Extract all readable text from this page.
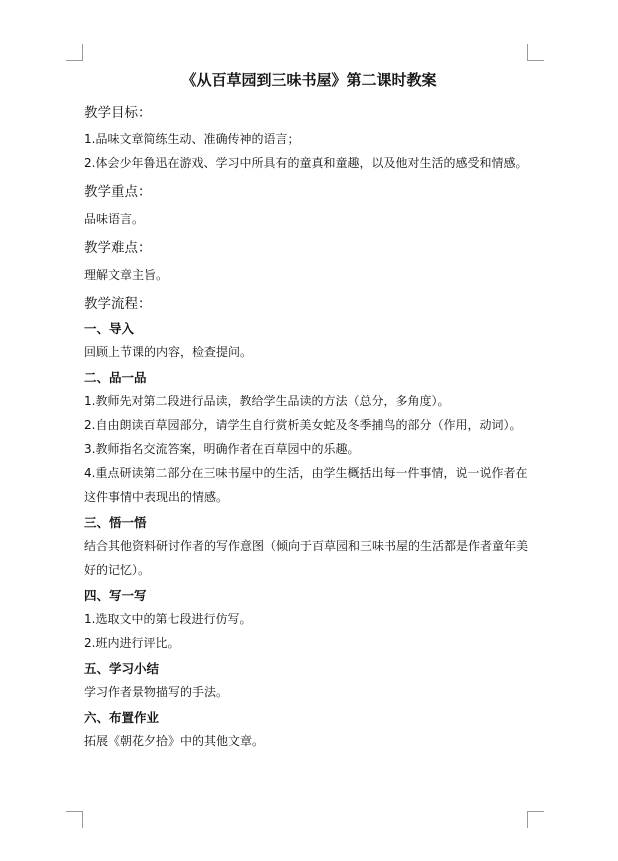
《从百草园到三味书屋》第二课时教案
教学目标：
1.品味文章简练生动、准确传神的语言；
2.体会少年鲁迅在游戏、学习中所具有的童真和童趣，以及他对生活的感受和情感。
教学重点：
品味语言。
教学难点：
理解文章主旨。
教学流程：
一、导入
回顾上节课的内容，检查提问。
二、品一品
1.教师先对第二段进行品读，教给学生品读的方法（总分，多角度）。
2.自由朗读百草园部分，请学生自行赏析美女蛇及冬季捕鸟的部分（作用，动词）。
3.教师指名交流答案，明确作者在百草园中的乐趣。
4.重点研读第二部分在三味书屋中的生活，由学生概括出每一件事情，说一说作者在这件事情中表现出的情感。
三、悟一悟
结合其他资料研讨作者的写作意图（倾向于百草园和三味书屋的生活都是作者童年美好的记忆）。
四、写一写
1.选取文中的第七段进行仿写。
2.班内进行评比。
五、学习小结
学习作者景物描写的手法。
六、布置作业
拓展《朝花夕拾》中的其他文章。
